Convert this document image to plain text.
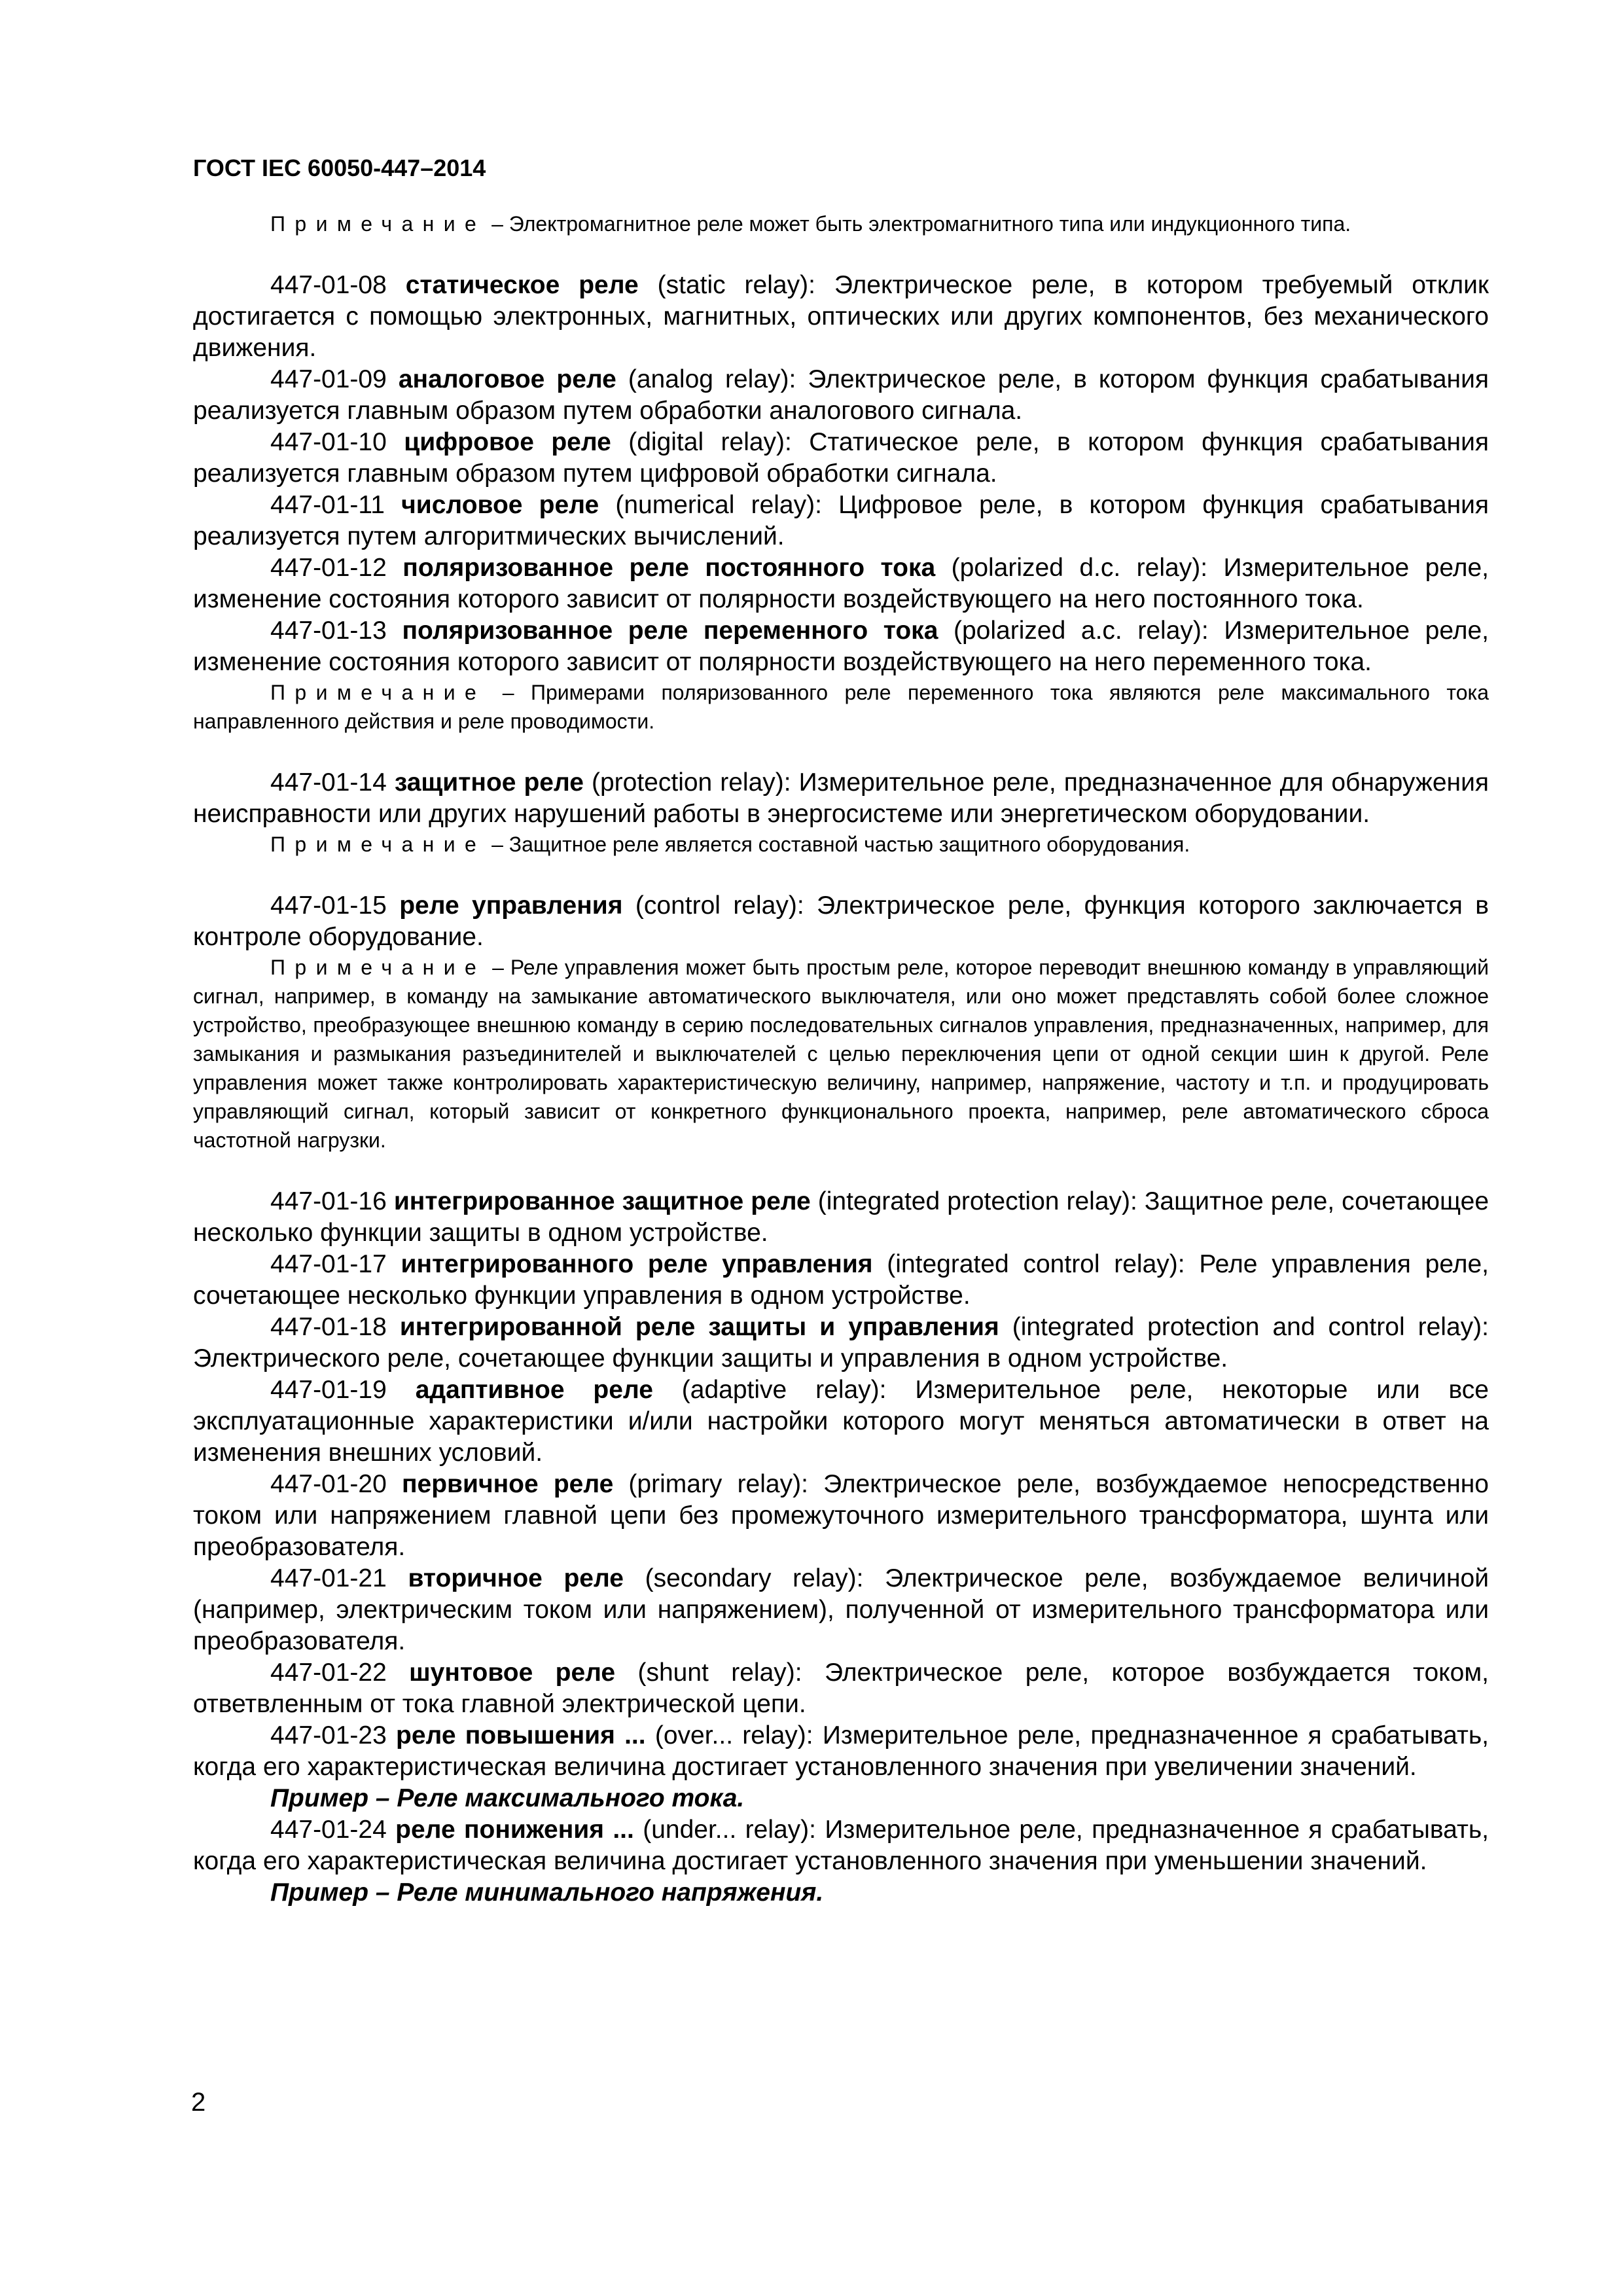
ГОСТ IEC 60050-447–2014

Примечание – Электромагнитное реле может быть электромагнитного типа или индукционного типа.

447-01-08 статическое реле (static relay): Электрическое реле, в котором требуемый отклик достигается с помощью электронных, магнитных, оптических или других компонентов, без механического движения.

447-01-09 аналоговое реле (analog relay): Электрическое реле, в котором функция срабатывания реализуется главным образом путем обработки аналогового сигнала.

447-01-10 цифровое реле (digital relay): Статическое реле, в котором функция срабатывания реализуется главным образом путем цифровой обработки сигнала.

447-01-11 числовое реле (numerical relay): Цифровое реле, в котором функция срабатывания реализуется путем алгоритмических вычислений.

447-01-12 поляризованное реле постоянного тока (polarized d.c. relay): Измерительное реле, изменение состояния которого зависит от полярности воздействующего на него постоянного тока.

447-01-13 поляризованное реле переменного тока (polarized a.c. relay): Измерительное реле, изменение состояния которого зависит от полярности воздействующего на него переменного тока.

Примечание – Примерами поляризованного реле переменного тока являются реле максимального тока направленного действия и реле проводимости.

447-01-14 защитное реле (protection relay): Измерительное реле, предназначенное для обнаружения неисправности или других нарушений работы в энергосистеме или энергетическом оборудовании.

Примечание – Защитное реле является составной частью защитного оборудования.

447-01-15 реле управления (control relay): Электрическое реле, функция которого заключается в контроле оборудование.

Примечание – Реле управления может быть простым реле, которое переводит внешнюю команду в управляющий сигнал, например, в команду на замыкание автоматического выключателя, или оно может представлять собой более сложное устройство, преобразующее внешнюю команду в серию последовательных сигналов управления, предназначенных, например, для замыкания и размыкания разъединителей и выключателей с целью переключения цепи от одной секции шин к другой. Реле управления может также контролировать характеристическую величину, например, напряжение, частоту и т.п. и продуцировать управляющий сигнал, который зависит от конкретного функционального проекта, например, реле автоматического сброса частотной нагрузки.

447-01-16 интегрированное защитное реле (integrated protection relay): Защитное реле, сочетающее несколько функции защиты в одном устройстве.

447-01-17 интегрированного реле управления (integrated control relay): Реле управления реле, сочетающее несколько функции управления в одном устройстве.

447-01-18 интегрированной реле защиты и управления (integrated protection and control relay): Электрического реле, сочетающее функции защиты и управления в одном устройстве.

447-01-19 адаптивное реле (adaptive relay): Измерительное реле, некоторые или все эксплуатационные характеристики и/или настройки которого могут меняться автоматически в ответ на изменения внешних условий.

447-01-20 первичное реле (primary relay): Электрическое реле, возбуждаемое непосредственно током или напряжением главной цепи без промежуточного измерительного трансформатора, шунта или преобразователя.

447-01-21 вторичное реле (secondary relay): Электрическое реле, возбуждаемое величиной (например, электрическим током или напряжением), полученной от измерительного трансформатора или преобразователя.

447-01-22 шунтовое реле (shunt relay): Электрическое реле, которое возбуждается током, ответвленным от тока главной электрической цепи.

447-01-23 реле повышения ... (over... relay): Измерительное реле, предназначенное я срабатывать, когда его характеристическая величина достигает установленного значения при увеличении значений.

Пример – Реле максимального тока.

447-01-24 реле понижения ... (under... relay): Измерительное реле, предназначенное я срабатывать, когда его характеристическая величина достигает установленного значения при уменьшении значений.

Пример – Реле минимального напряжения.

2
